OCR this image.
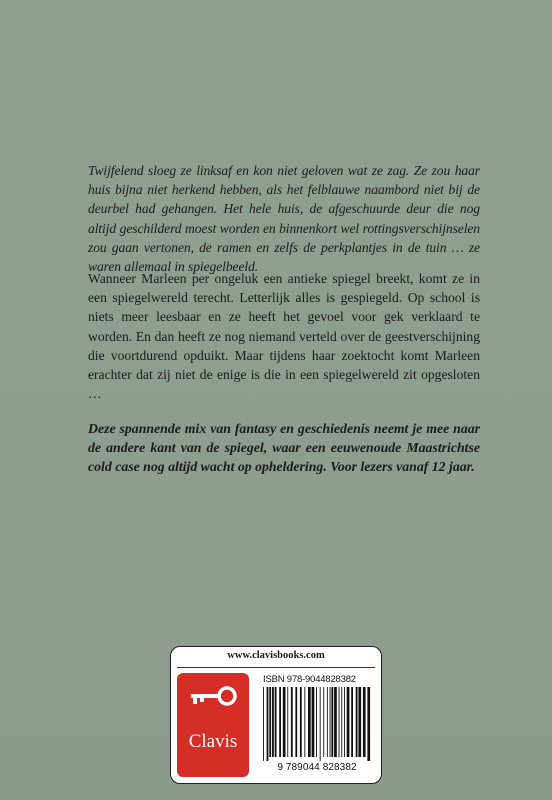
Twijfelend sloeg ze linksaf en kon niet geloven wat ze zag. Ze zou haar huis bijna niet herkend hebben, als het felblauwe naambord niet bij de deurbel had gehangen. Het hele huis, de afgeschuurde deur die nog altijd geschilderd moest worden en binnenkort wel rottingsverschijnselen zou gaan vertonen, de ramen en zelfs de perkplantjes in de tuin … ze waren allemaal in spiegelbeeld.

Wanneer Marleen per ongeluk een antieke spiegel breekt, komt ze in een spiegelwereld terecht. Letterlijk alles is gespiegeld. Op school is niets meer leesbaar en ze heeft het gevoel voor gek verklaard te worden. En dan heeft ze nog niemand verteld over de geestverschijning die voortdurend opduikt. Maar tijdens haar zoektocht komt Marleen erachter dat zij niet de enige is die in een spiegelwereld zit opgesloten …

Deze spannende mix van fantasy en geschiedenis neemt je mee naar de andere kant van de spiegel, waar een eeuwenoude Maastrichtse cold case nog altijd wacht op opheldering. Voor lezers vanaf 12 jaar.

www.clavisbooks.com
Clavis
ISBN 978-9044828382
9 789044 828382
